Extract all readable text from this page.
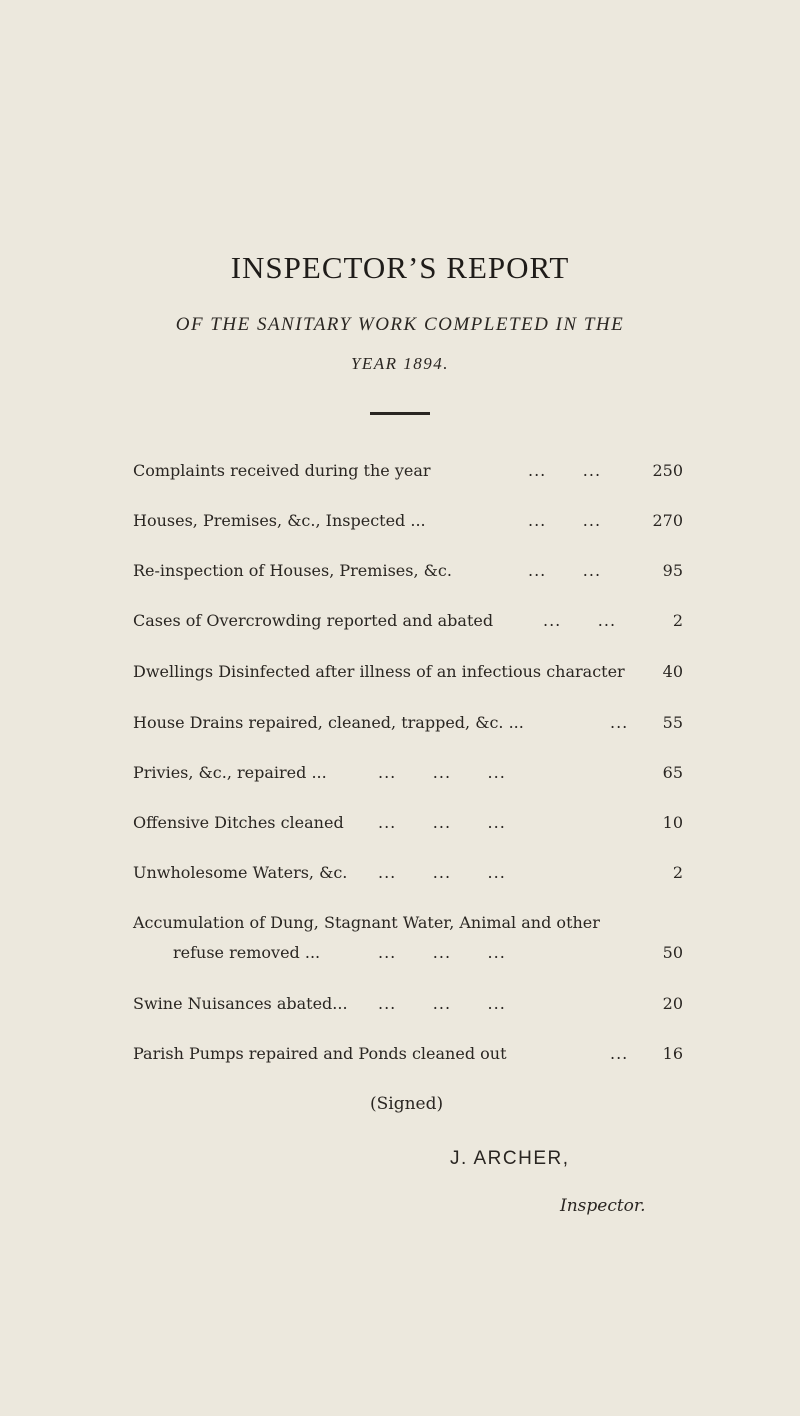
INSPECTOR’S REPORT
OF THE SANITARY WORK COMPLETED IN THE
YEAR 1894.
Complaints received during the year	...      ...	250
Houses, Premises, &c., Inspected ...	...      ...	270
Re-inspection of Houses, Premises, &c.	...      ...	95
Cases of Overcrowding reported and abated	...      ...	2
Dwellings Disinfected after illness of an infectious character 40
House Drains repaired, cleaned, trapped, &c. ...	... 55
Privies, &c., repaired ...	...      ...      ...	65
Offensive Ditches cleaned ...      ...      ...	10
Unwholesome Waters, &c. ...      ...      ...	2
Accumulation of Dung, Stagnant Water, Animal and other
refuse removed ...	...      ...      ...	50
Swine Nuisances abated... ...      ...      ...	20
Parish Pumps repaired and Ponds cleaned out	... 16
(Signed)
J. ARCHER,
Inspector.
